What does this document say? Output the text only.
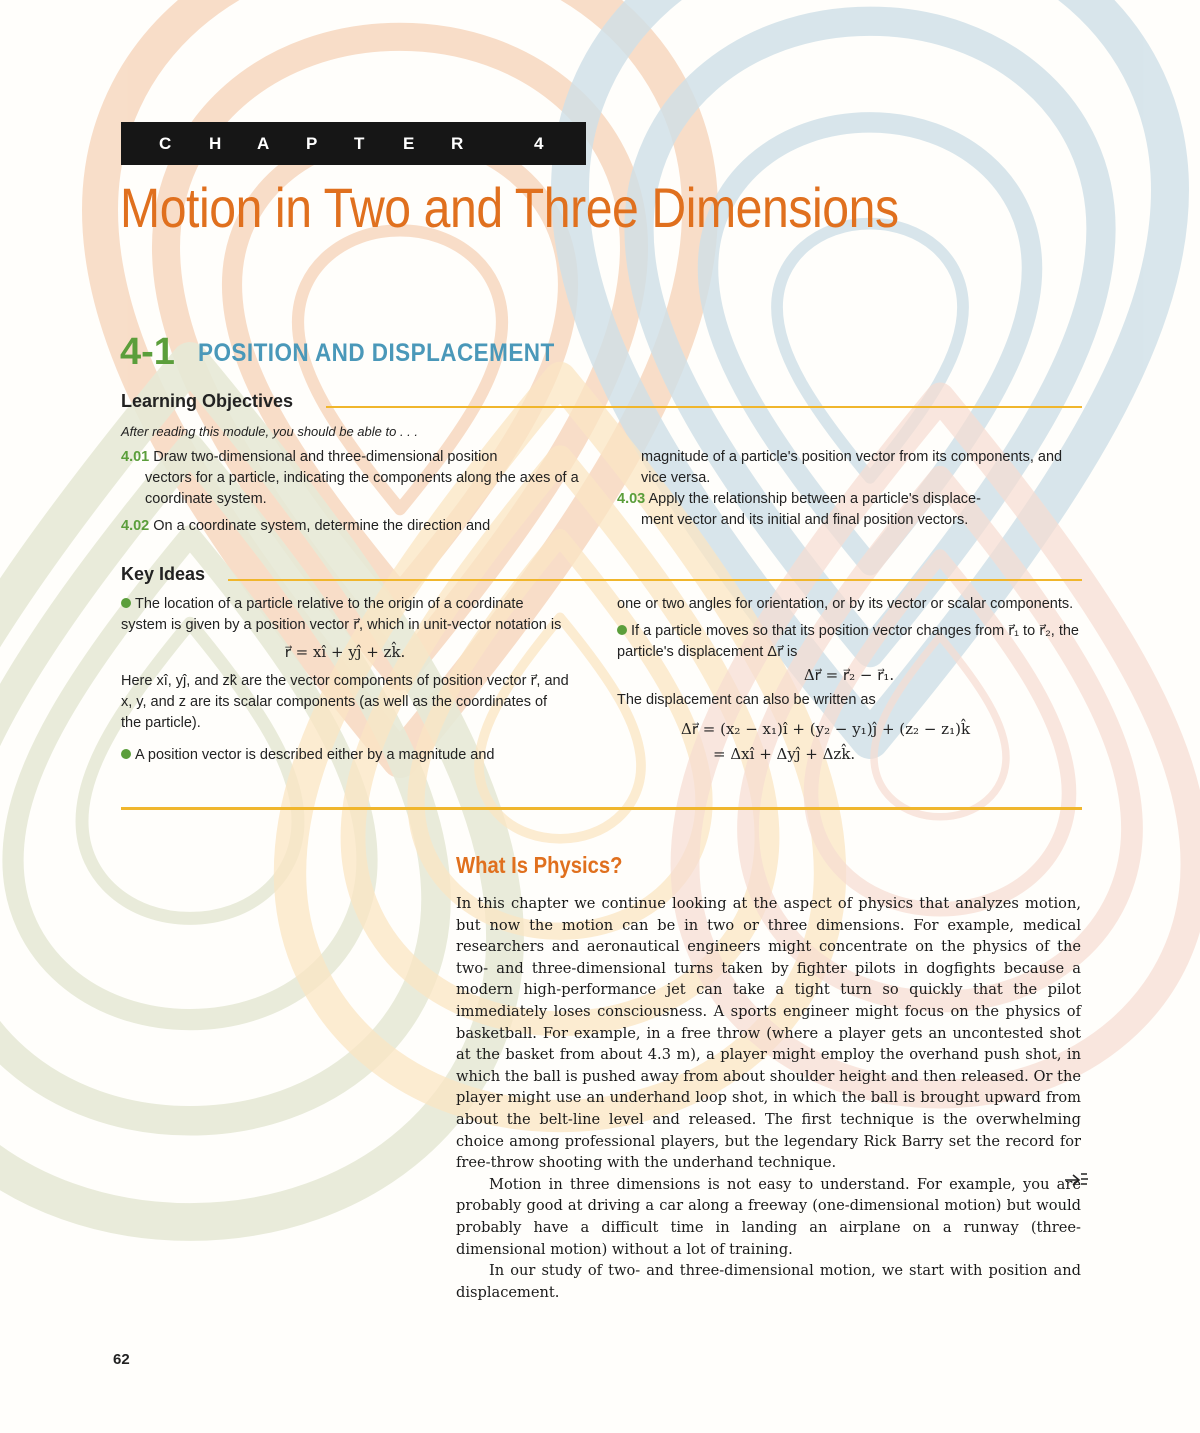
C H A P T E R	4
Motion in Two and Three Dimensions
4-1 POSITION AND DISPLACEMENT
Learning Objectives
After reading this module, you should be able to . . .
4.01 Draw two-dimensional and three-dimensional position
vectors for a particle, indicating the components along the axes of a coordinate system.
4.02 On a coordinate system, determine the direction and
magnitude of a particle's position vector from its components, and vice versa.
4.03 Apply the relationship between a particle's displace-
ment vector and its initial and final position vectors.
Key Ideas
The location of a particle relative to the origin of a coordinate system is given by a position vector r⃗, which in unit-vector notation is
r⃗ = xî + yĵ + zk̂.
Here xî, yĵ, and zk̂ are the vector components of position vector r⃗, and x, y, and z are its scalar components (as well as the coordinates of the particle).
A position vector is described either by a magnitude and
one or two angles for orientation, or by its vector or scalar components.
If a particle moves so that its position vector changes from r⃗₁ to r⃗₂, the particle's displacement Δr⃗ is
Δr⃗ = r⃗₂ − r⃗₁.
The displacement can also be written as
Δr⃗ = (x₂ − x₁)î + (y₂ − y₁)ĵ + (z₂ − z₁)k̂
= Δxî + Δyĵ + Δzk̂.
What Is Physics?

In this chapter we continue looking at the aspect of physics that analyzes motion, but now the motion can be in two or three dimensions. For example, medical researchers and aeronautical engineers might concentrate on the physics of the two- and three-dimensional turns taken by fighter pilots in dogfights because a modern high-performance jet can take a tight turn so quickly that the pilot immediately loses consciousness. A sports engineer might focus on the physics of basketball. For example, in a free throw (where a player gets an uncontested shot at the basket from about 4.3 m), a player might employ the overhand push shot, in which the ball is pushed away from about shoulder height and then released. Or the player might use an underhand loop shot, in which the ball is brought upward from about the belt-line level and released. The first technique is the overwhelming choice among professional players, but the legendary Rick Barry set the record for free-throw shooting with the underhand technique.

Motion in three dimensions is not easy to understand. For example, you are probably good at driving a car along a freeway (one-dimensional motion) but would probably have a difficult time in landing an airplane on a runway (three-dimensional motion) without a lot of training.

In our study of two- and three-dimensional motion, we start with position and displacement.

62
